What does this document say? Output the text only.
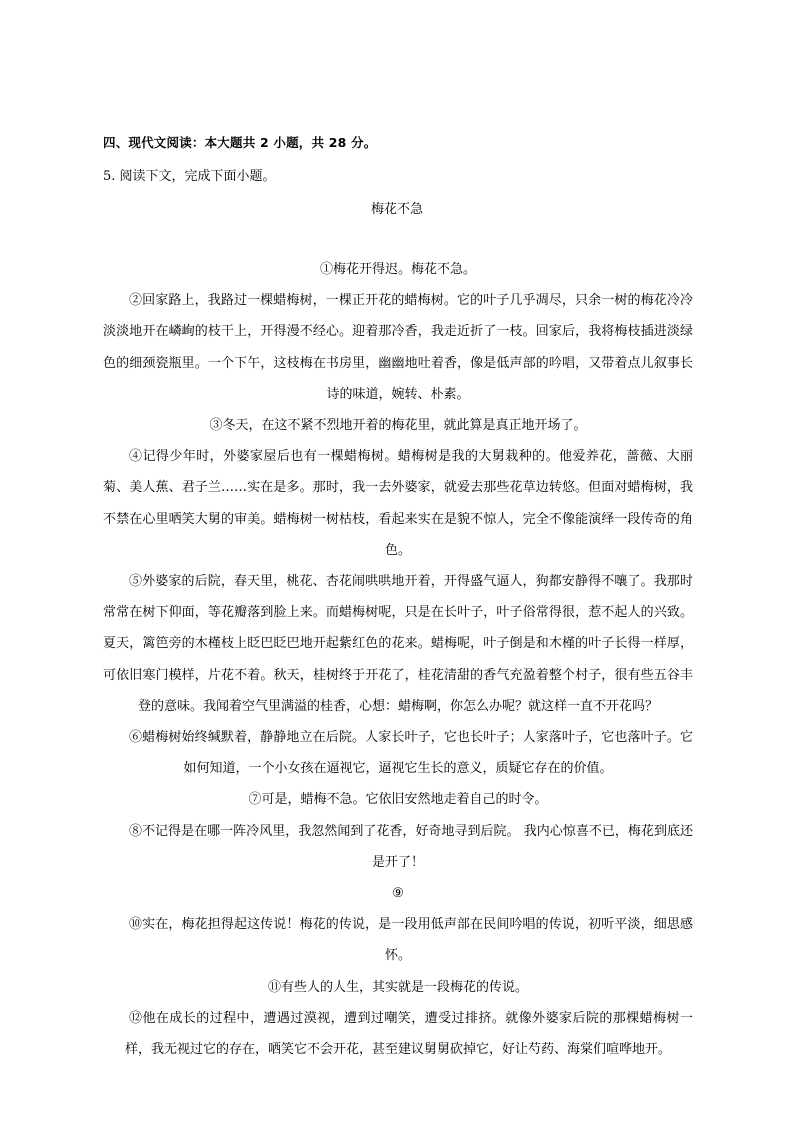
四、现代文阅读：本大题共 2 小题，共 28 分。
5. 阅读下文，完成下面小题。
梅花不急

①梅花开得迟。梅花不急。

②回家路上，我路过一棵蜡梅树，一棵正开花的蜡梅树。它的叶子几乎凋尽，只余一树的梅花冷冷淡淡地开在嶙峋的枝干上，开得漫不经心。迎着那冷香，我走近折了一枝。回家后，我将梅枝插进淡绿色的细颈瓷瓶里。一个下午，这枝梅在书房里，幽幽地吐着香，像是低声部的吟唱，又带着点儿叙事长诗的味道，婉转、朴素。

③冬天，在这不紧不烈地开着的梅花里，就此算是真正地开场了。

④记得少年时，外婆家屋后也有一棵蜡梅树。蜡梅树是我的大舅栽种的。他爱养花，蔷薇、大丽菊、美人蕉、君子兰……实在是多。那时，我一去外婆家，就爱去那些花草边转悠。但面对蜡梅树，我不禁在心里哂笑大舅的审美。蜡梅树一树枯枝，看起来实在是貌不惊人，完全不像能演绎一段传奇的角色。

⑤外婆家的后院，春天里，桃花、杏花闹哄哄地开着，开得盛气逼人，狗都安静得不嚷了。我那时常常在树下仰面，等花瓣落到脸上来。而蜡梅树呢，只是在长叶子，叶子俗常得很，惹不起人的兴致。夏天，篱笆旁的木槿枝上眨巴眨巴地开起紫红色的花来。蜡梅呢，叶子倒是和木槿的叶子长得一样厚，可依旧寒门模样，片花不着。秋天，桂树终于开花了，桂花清甜的香气充盈着整个村子，很有些五谷丰登的意味。我闻着空气里满溢的桂香，心想：蜡梅啊，你怎么办呢？就这样一直不开花吗？

⑥蜡梅树始终缄默着，静静地立在后院。人家长叶子，它也长叶子；人家落叶子，它也落叶子。它如何知道，一个小女孩在逼视它，逼视它生长的意义，质疑它存在的价值。

⑦可是，蜡梅不急。它依旧安然地走着自己的时令。

⑧不记得是在哪一阵冷风里，我忽然闻到了花香，好奇地寻到后院。 我内心惊喜不已，梅花到底还是开了！

⑨

⑩实在，梅花担得起这传说！梅花的传说，是一段用低声部在民间吟唱的传说，初听平淡，细思感怀。

⑪有些人的人生，其实就是一段梅花的传说。

⑫他在成长的过程中，遭遇过漠视，遭到过嘲笑，遭受过排挤。就像外婆家后院的那棵蜡梅树一样，我无视过它的存在，哂笑它不会开花，甚至建议舅舅砍掉它，好让芍药、海棠们喧哗地开。
